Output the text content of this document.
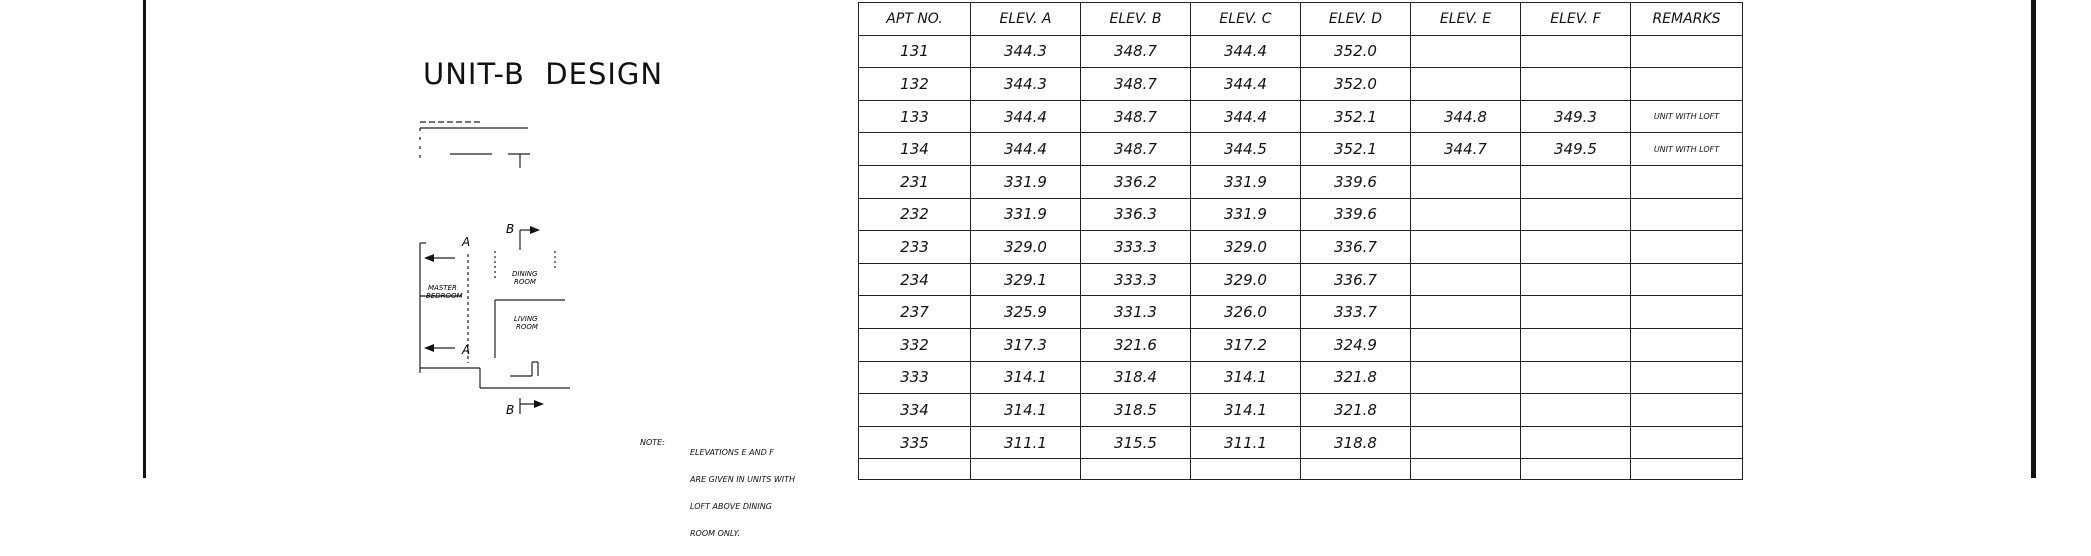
UNIT-B  DESIGN
A
A
B
B
MASTER
BEDROOM
DINING
ROOM
LIVING
ROOM
NOTE:

ELEVATIONS E AND F

ARE GIVEN IN UNITS WITH

LOFT ABOVE DINING

ROOM ONLY.

APT NO.	ELEV. A	ELEV. B	ELEV. C	ELEV. D	ELEV. E	ELEV. F	REMARKS
131	344.3	348.7	344.4	352.0			
132	344.3	348.7	344.4	352.0			
133	344.4	348.7	344.4	352.1	344.8	349.3	UNIT WITH LOFT
134	344.4	348.7	344.5	352.1	344.7	349.5	UNIT WITH LOFT
231	331.9	336.2	331.9	339.6			
232	331.9	336.3	331.9	339.6			
233	329.0	333.3	329.0	336.7			
234	329.1	333.3	329.0	336.7			
237	325.9	331.3	326.0	333.7			
332	317.3	321.6	317.2	324.9			
333	314.1	318.4	314.1	321.8			
334	314.1	318.5	314.1	321.8			
335	311.1	315.5	311.1	318.8			
